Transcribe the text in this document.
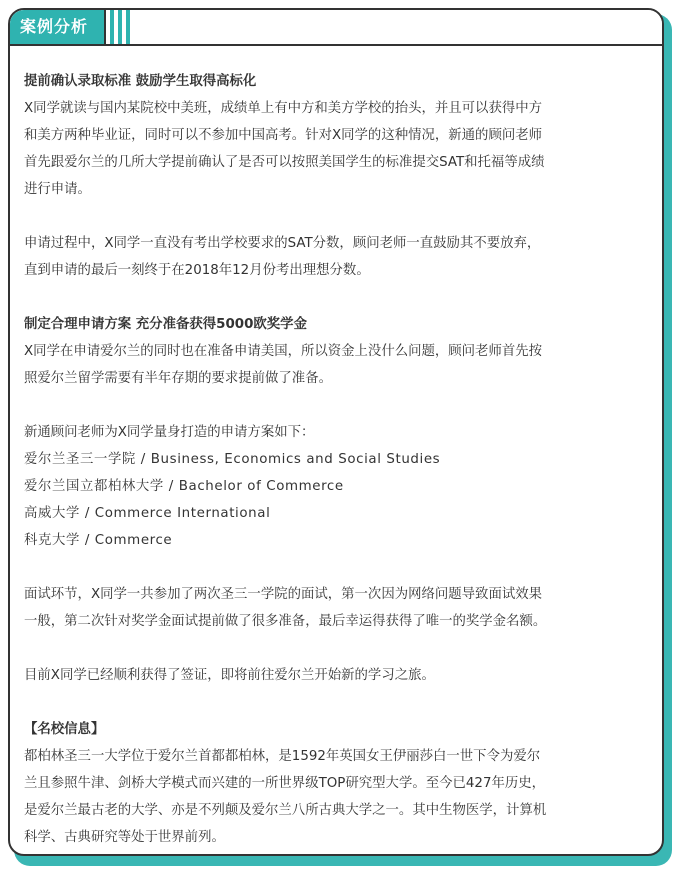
案例分析

提前确认录取标准 鼓励学生取得高标化

X同学就读与国内某院校中美班，成绩单上有中方和美方学校的抬头，并且可以获得中方

和美方两种毕业证，同时可以不参加中国高考。针对X同学的这种情况，新通的顾问老师

首先跟爱尔兰的几所大学提前确认了是否可以按照美国学生的标准提交SAT和托福等成绩

进行申请。

申请过程中，X同学一直没有考出学校要求的SAT分数，顾问老师一直鼓励其不要放弃，

直到申请的最后一刻终于在2018年12月份考出理想分数。

制定合理申请方案 充分准备获得5000欧奖学金

X同学在申请爱尔兰的同时也在准备申请美国，所以资金上没什么问题，顾问老师首先按

照爱尔兰留学需要有半年存期的要求提前做了准备。

新通顾问老师为X同学量身打造的申请方案如下：

爱尔兰圣三一学院 / Business, Economics and Social Studies

爱尔兰国立都柏林大学 / Bachelor of Commerce

高威大学 / Commerce International

科克大学 / Commerce

面试环节，X同学一共参加了两次圣三一学院的面试，第一次因为网络问题导致面试效果

一般，第二次针对奖学金面试提前做了很多准备，最后幸运得获得了唯一的奖学金名额。

目前X同学已经顺利获得了签证，即将前往爱尔兰开始新的学习之旅。

【名校信息】

都柏林圣三一大学位于爱尔兰首都都柏林，是1592年英国女王伊丽莎白一世下令为爱尔

兰且参照牛津、剑桥大学模式而兴建的一所世界级TOP研究型大学。至今已427年历史，

是爱尔兰最古老的大学、亦是不列颠及爱尔兰八所古典大学之一。其中生物医学，计算机

科学、古典研究等处于世界前列。
